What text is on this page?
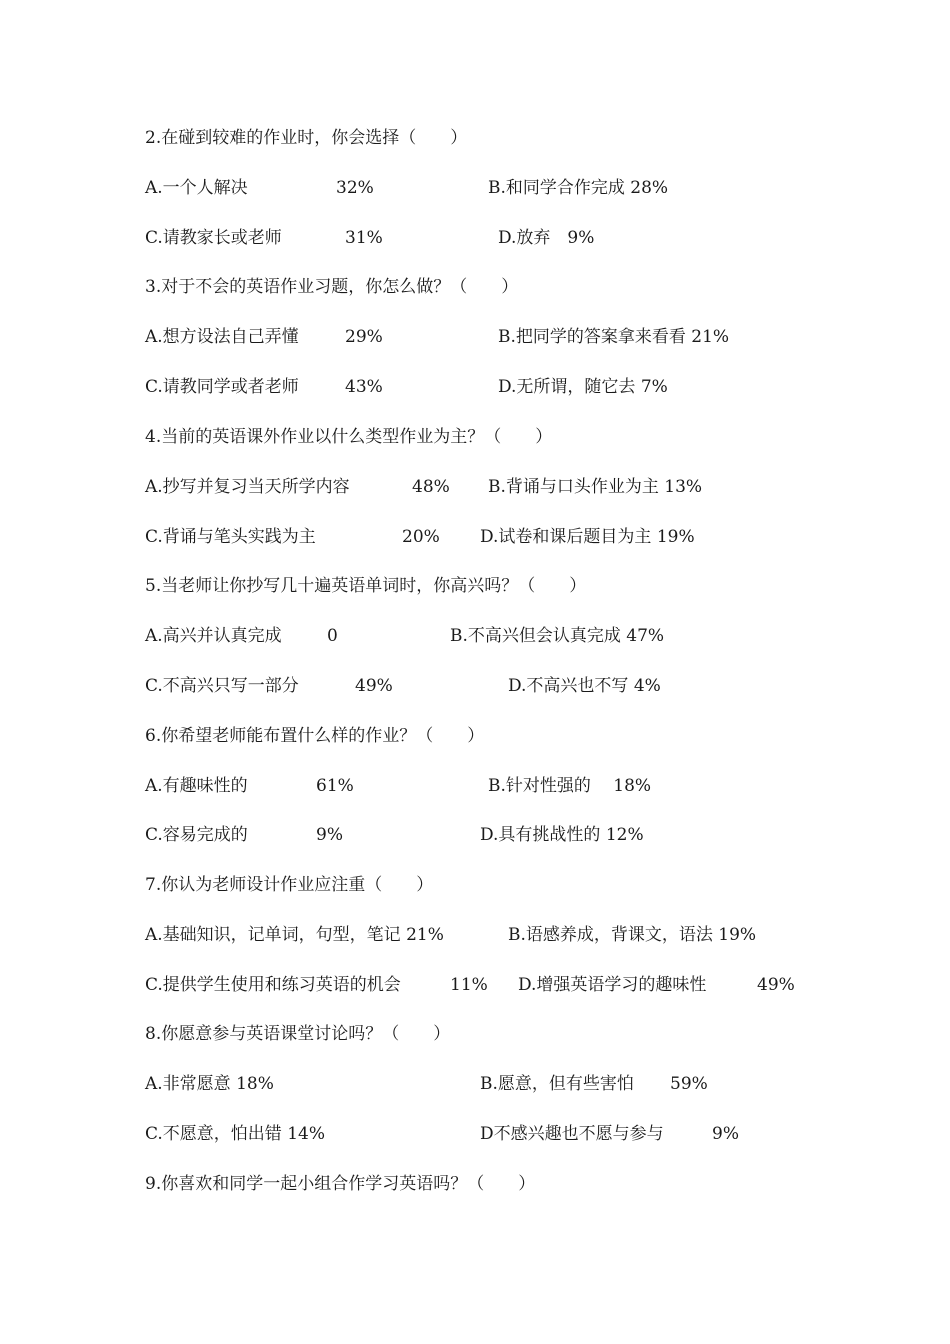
2.在碰到较难的作业时，你会选择（　　）
A.一个人解决	32%	B.和同学合作完成 28%
C.请教家长或老师	31%	D.放弃　9%
3.对于不会的英语作业习题，你怎么做？（　　）
A.想方设法自己弄懂	29%	B.把同学的答案拿来看看 21%
C.请教同学或者老师	43%	D.无所谓，随它去 7%
4.当前的英语课外作业以什么类型作业为主？（　　）
A.抄写并复习当天所学内容	48% B.背诵与口头作业为主 13%
C.背诵与笔头实践为主	20% D.试卷和课后题目为主 19%
5.当老师让你抄写几十遍英语单词时，你高兴吗？（　　）
A.高兴并认真完成	0	B.不高兴但会认真完成 47%
C.不高兴只写一部分	49%	D.不高兴也不写 4%
6.你希望老师能布置什么样的作业？（　　）
A.有趣味性的	61%	B.针对性强的　 18%
C.容易完成的	9%	D.具有挑战性的 12%
7.你认为老师设计作业应注重（　　）
A.基础知识，记单词，句型，笔记 21%	B.语感养成，背课文，语法 19%
C.提供学生使用和练习英语的机会	11% D.增强英语学习的趣味性	49%
8.你愿意参与英语课堂讨论吗？（　　）
A.非常愿意 18%	B.愿意，但有些害怕 59%
C.不愿意，怕出错 14%	D不感兴趣也不愿与参与	9%
9.你喜欢和同学一起小组合作学习英语吗？（　　）
